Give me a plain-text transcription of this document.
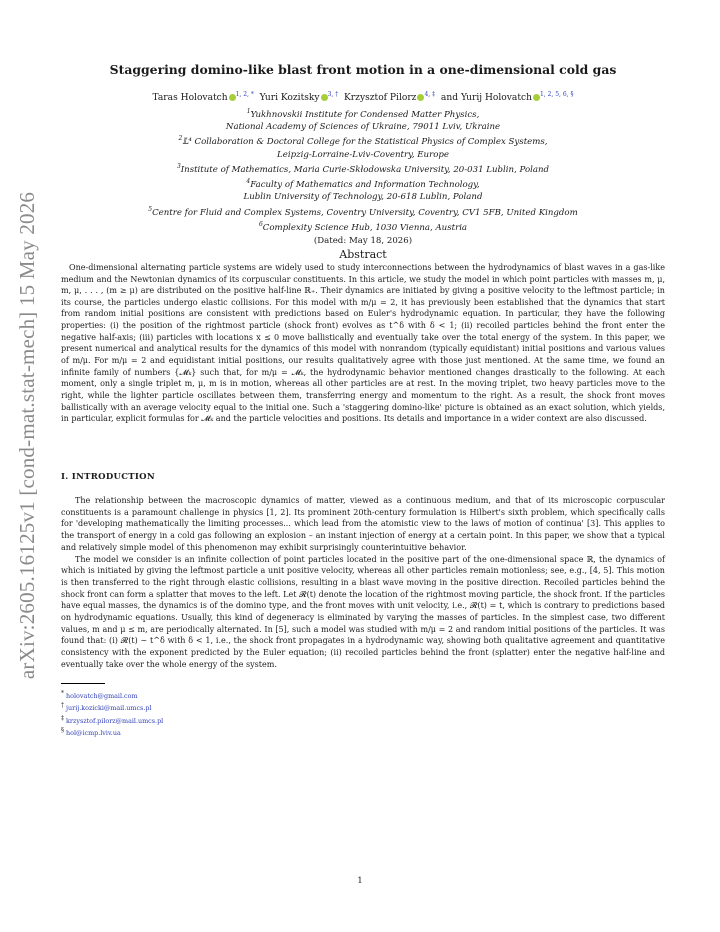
arXiv:2605.16125v1 [cond-mat.stat-mech] 15 May 2026
Staggering domino-like blast front motion in a one-dimensional cold gas
Taras Holovatch $^{1, 2, *}$ Yuri Kozitsky $^{3, \dagger}$ Krzysztof Pilorz $^{4, \ddagger}$ and Yurij Holovatch $^{1, 2, 5, 6, \S}$
$^1$Yukhnovskii Institute for Condensed Matter Physics,
National Academy of Sciences of Ukraine, 79011 Lviv, Ukraine
$^2$𝕃⁴ Collaboration & Doctoral College for the Statistical Physics of Complex Systems,
Leipzig-Lorraine-Lviv-Coventry, Europe
$^3$Institute of Mathematics, Maria Curie-Skłodowska University, 20-031 Lublin, Poland
$^4$Faculty of Mathematics and Information Technology,
Lublin University of Technology, 20-618 Lublin, Poland
$^5$Centre for Fluid and Complex Systems, Coventry University, Coventry, CV1 5FB, United Kingdom
$^6$Complexity Science Hub, 1030 Vienna, Austria
(Dated: May 18, 2026)
Abstract

One-dimensional alternating particle systems are widely used to study interconnections between the hydrodynamics of blast waves in a gas-like medium and the Newtonian dynamics of its corpuscular constituents. In this article, we study the model in which point particles with masses m, μ, m, μ, . . . , (m ≥ μ) are distributed on the positive half-line ℝ₊. Their dynamics are initiated by giving a positive velocity to the leftmost particle; in its course, the particles undergo elastic collisions. For this model with m/μ = 2, it has previously been established that the dynamics that start from random initial positions are consistent with predictions based on Euler's hydrodynamic equation. In particular, they have the following properties: (i) the position of the rightmost particle (shock front) evolves as t^δ with δ < 1; (ii) recoiled particles behind the front enter the negative half-axis; (iii) particles with locations x ≤ 0 move ballistically and eventually take over the total energy of the system. In this paper, we present numerical and analytical results for the dynamics of this model with nonrandom (typically equidistant) initial positions and various values of m/μ. For m/μ = 2 and equidistant initial positions, our results qualitatively agree with those just mentioned. At the same time, we found an infinite family of numbers {𝓜ₖ} such that, for m/μ = 𝓜ₖ, the hydrodynamic behavior mentioned changes drastically to the following. At each moment, only a single triplet m, μ, m is in motion, whereas all other particles are at rest. In the moving triplet, two heavy particles move to the right, while the lighter particle oscillates between them, transferring energy and momentum to the right. As a result, the shock front moves ballistically with an average velocity equal to the initial one. Such a 'staggering domino-like' picture is obtained as an exact solution, which yields, in particular, explicit formulas for 𝓜ₖ and the particle velocities and positions. Its details and importance in a wider context are also discussed.

I. INTRODUCTION

The relationship between the macroscopic dynamics of matter, viewed as a continuous medium, and that of its microscopic corpuscular constituents is a paramount challenge in physics [1, 2]. Its prominent 20th-century formulation is Hilbert's sixth problem, which specifically calls for 'developing mathematically the limiting processes... which lead from the atomistic view to the laws of motion of continua' [3]. This applies to the transport of energy in a cold gas following an explosion – an instant injection of energy at a certain point. In this paper, we show that a typical and relatively simple model of this phenomenon may exhibit surprisingly counterintuitive behavior.

The model we consider is an infinite collection of point particles located in the positive part of the one-dimensional space ℝ, the dynamics of which is initiated by giving the leftmost particle a unit positive velocity, whereas all other particles remain motionless; see, e.g., [4, 5]. This motion is then transferred to the right through elastic collisions, resulting in a blast wave moving in the positive direction. Recoiled particles behind the shock front can form a splatter that moves to the left. Let 𝓡(t) denote the location of the rightmost moving particle, the shock front. If the particles have equal masses, the dynamics is of the domino type, and the front moves with unit velocity, i.e., 𝓡(t) = t, which is contrary to predictions based on hydrodynamic equations. Usually, this kind of degeneracy is eliminated by varying the masses of particles. In the simplest case, two different values, m and μ ≤ m, are periodically alternated. In [5], such a model was studied with m/μ = 2 and random initial positions of the particles. It was found that: (i) 𝓡(t) ∼ t^δ with δ < 1, i.e., the shock front propagates in a hydrodynamic way, showing both qualitative agreement and quantitative consistency with the exponent predicted by the Euler equation; (ii) recoiled particles behind the front (splatter) enter the negative half-line and eventually take over the whole energy of the system.

* holovatch@gmail.com
† jurij.kozicki@mail.umcs.pl
‡ krzysztof.pilorz@mail.umcs.pl
§ hol@icmp.lviv.ua
1
